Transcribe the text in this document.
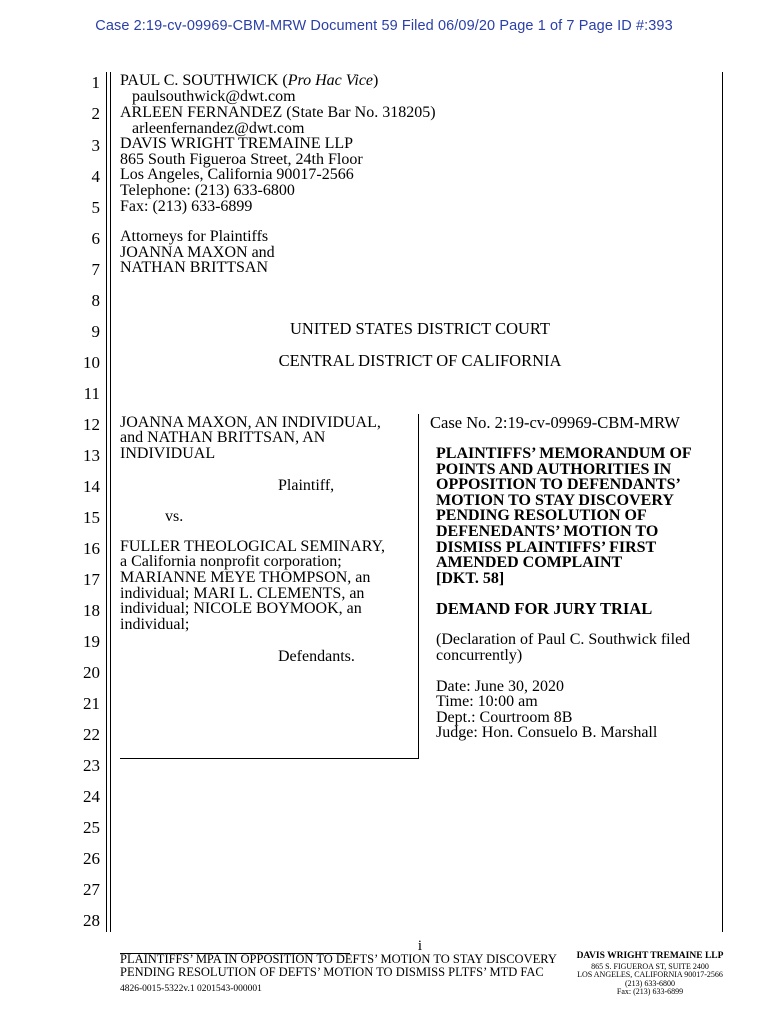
Case 2:19-cv-09969-CBM-MRW Document 59 Filed 06/09/20 Page 1 of 7 Page ID #:393
1
2
3
4
5
6
7
8
9
10
11
12
13
14
15
16
17
18
19
20
21
22
23
24
25
26
27
28
PAUL C. SOUTHWICK (Pro Hac Vice)
paulsouthwick@dwt.com
ARLEEN FERNANDEZ (State Bar No. 318205)
arleenfernandez@dwt.com
DAVIS WRIGHT TREMAINE LLP
865 South Figueroa Street, 24th Floor
Los Angeles, California 90017-2566
Telephone: (213) 633-6800
Fax: (213) 633-6899
Attorneys for Plaintiffs
JOANNA MAXON and
NATHAN BRITTSAN
UNITED STATES DISTRICT COURT
CENTRAL DISTRICT OF CALIFORNIA
JOANNA MAXON, AN INDIVIDUAL,
and NATHAN BRITTSAN, AN
INDIVIDUAL
Plaintiff,
vs.
FULLER THEOLOGICAL SEMINARY,
a California nonprofit corporation;
MARIANNE MEYE THOMPSON, an
individual; MARI L. CLEMENTS, an
individual; NICOLE BOYMOOK, an
individual;
Defendants.
Case No. 2:19-cv-09969-CBM-MRW
PLAINTIFFS’ MEMORANDUM OF
POINTS AND AUTHORITIES IN
OPPOSITION TO DEFENDANTS’
MOTION TO STAY DISCOVERY
PENDING RESOLUTION OF
DEFENEDANTS’ MOTION TO
DISMISS PLAINTIFFS’ FIRST
AMENDED COMPLAINT
[DKT. 58]
DEMAND FOR JURY TRIAL
(Declaration of Paul C. Southwick filed
concurrently)
Date: June 30, 2020
Time: 10:00 am
Dept.: Courtroom 8B
Judge: Hon. Consuelo B. Marshall
i
PLAINTIFFS’ MPA IN OPPOSITION TO DEFTS’ MOTION TO STAY DISCOVERY
PENDING RESOLUTION OF DEFTS’ MOTION TO DISMISS PLTFS’ MTD FAC
4826-0015-5322v.1 0201543-000001
DAVIS WRIGHT TREMAINE LLP
865 S. FIGUEROA ST, SUITE 2400
LOS ANGELES, CALIFORNIA 90017-2566
(213) 633-6800
Fax: (213) 633-6899
